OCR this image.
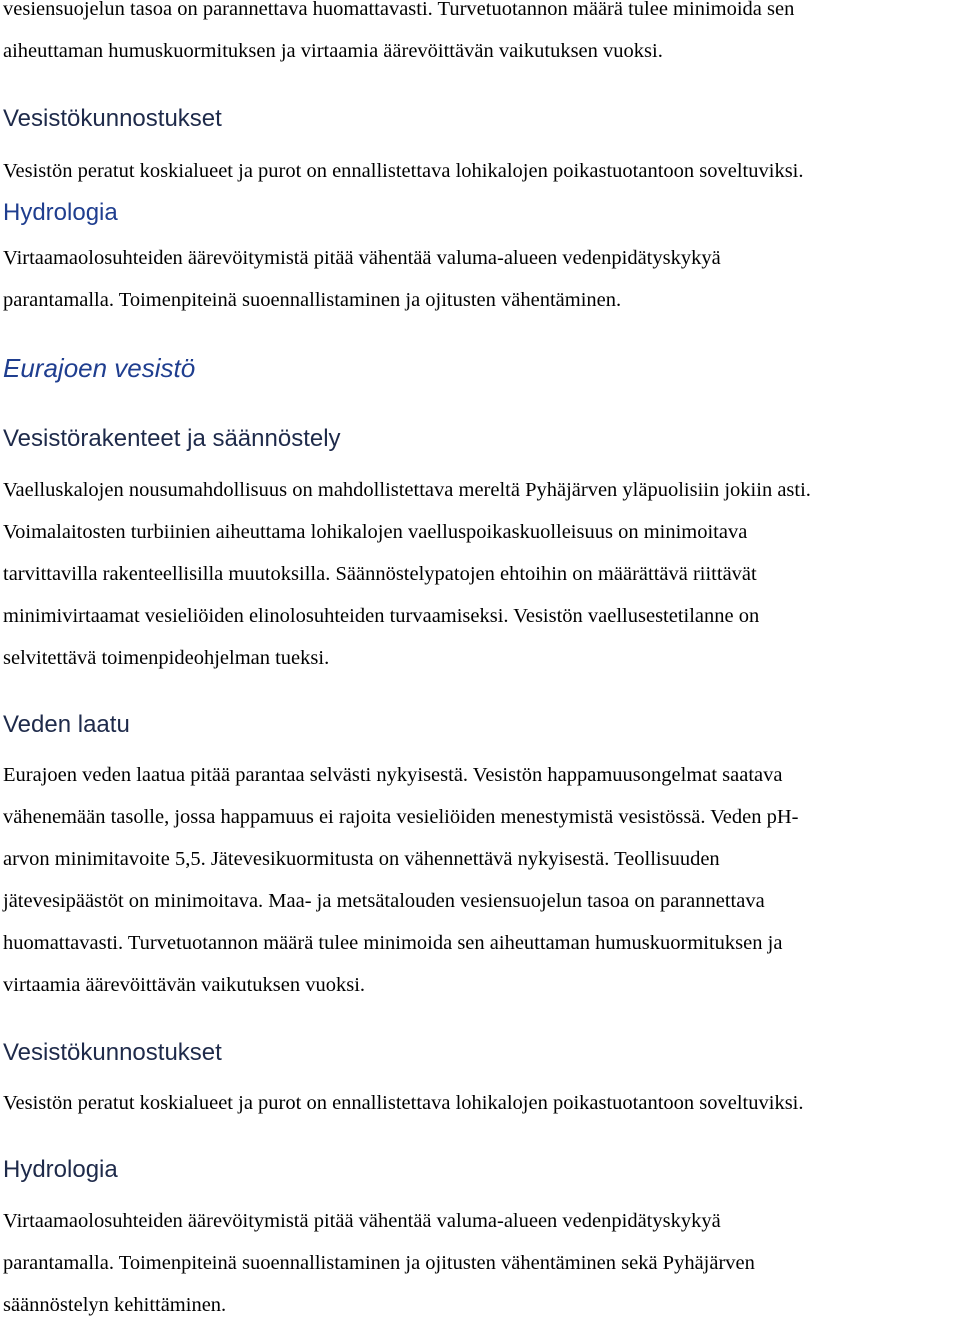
vesiensuojelun tasoa on parannettava huomattavasti. Turvetuotannon määrä tulee minimoida sen
aiheuttaman humuskuormituksen ja virtaamia äärevöittävän vaikutuksen vuoksi.
Vesistökunnostukset
Vesistön peratut koskialueet ja purot on ennallistettava lohikalojen poikastuotantoon soveltuviksi.
Hydrologia
Virtaamaolosuhteiden äärevöitymistä pitää vähentää valuma-alueen vedenpidätyskykyä
parantamalla. Toimenpiteinä suoennallistaminen ja ojitusten vähentäminen.
Eurajoen vesistö
Vesistörakenteet ja säännöstely
Vaelluskalojen nousumahdollisuus on mahdollistettava mereltä Pyhäjärven yläpuolisiin jokiin asti.
Voimalaitosten turbiinien aiheuttama lohikalojen vaelluspoikaskuolleisuus on minimoitava
tarvittavilla rakenteellisilla muutoksilla. Säännöstelypatojen ehtoihin on määrättävä riittävät
minimivirtaamat vesieliöiden elinolosuhteiden turvaamiseksi. Vesistön vaellusestetilanne on
selvitettävä toimenpideohjelman tueksi.
Veden laatu
Eurajoen veden laatua pitää parantaa selvästi nykyisestä. Vesistön happamuusongelmat saatava
vähenemään tasolle, jossa happamuus ei rajoita vesieliöiden menestymistä vesistössä. Veden pH-
arvon minimitavoite 5,5. Jätevesikuormitusta on vähennettävä nykyisestä. Teollisuuden
jätevesipäästöt on minimoitava. Maa- ja metsätalouden vesiensuojelun tasoa on parannettava
huomattavasti. Turvetuotannon määrä tulee minimoida sen aiheuttaman humuskuormituksen ja
virtaamia äärevöittävän vaikutuksen vuoksi.
Vesistökunnostukset
Vesistön peratut koskialueet ja purot on ennallistettava lohikalojen poikastuotantoon soveltuviksi.
Hydrologia
Virtaamaolosuhteiden äärevöitymistä pitää vähentää valuma-alueen vedenpidätyskykyä
parantamalla. Toimenpiteinä suoennallistaminen ja ojitusten vähentäminen sekä Pyhäjärven
säännöstelyn kehittäminen.
